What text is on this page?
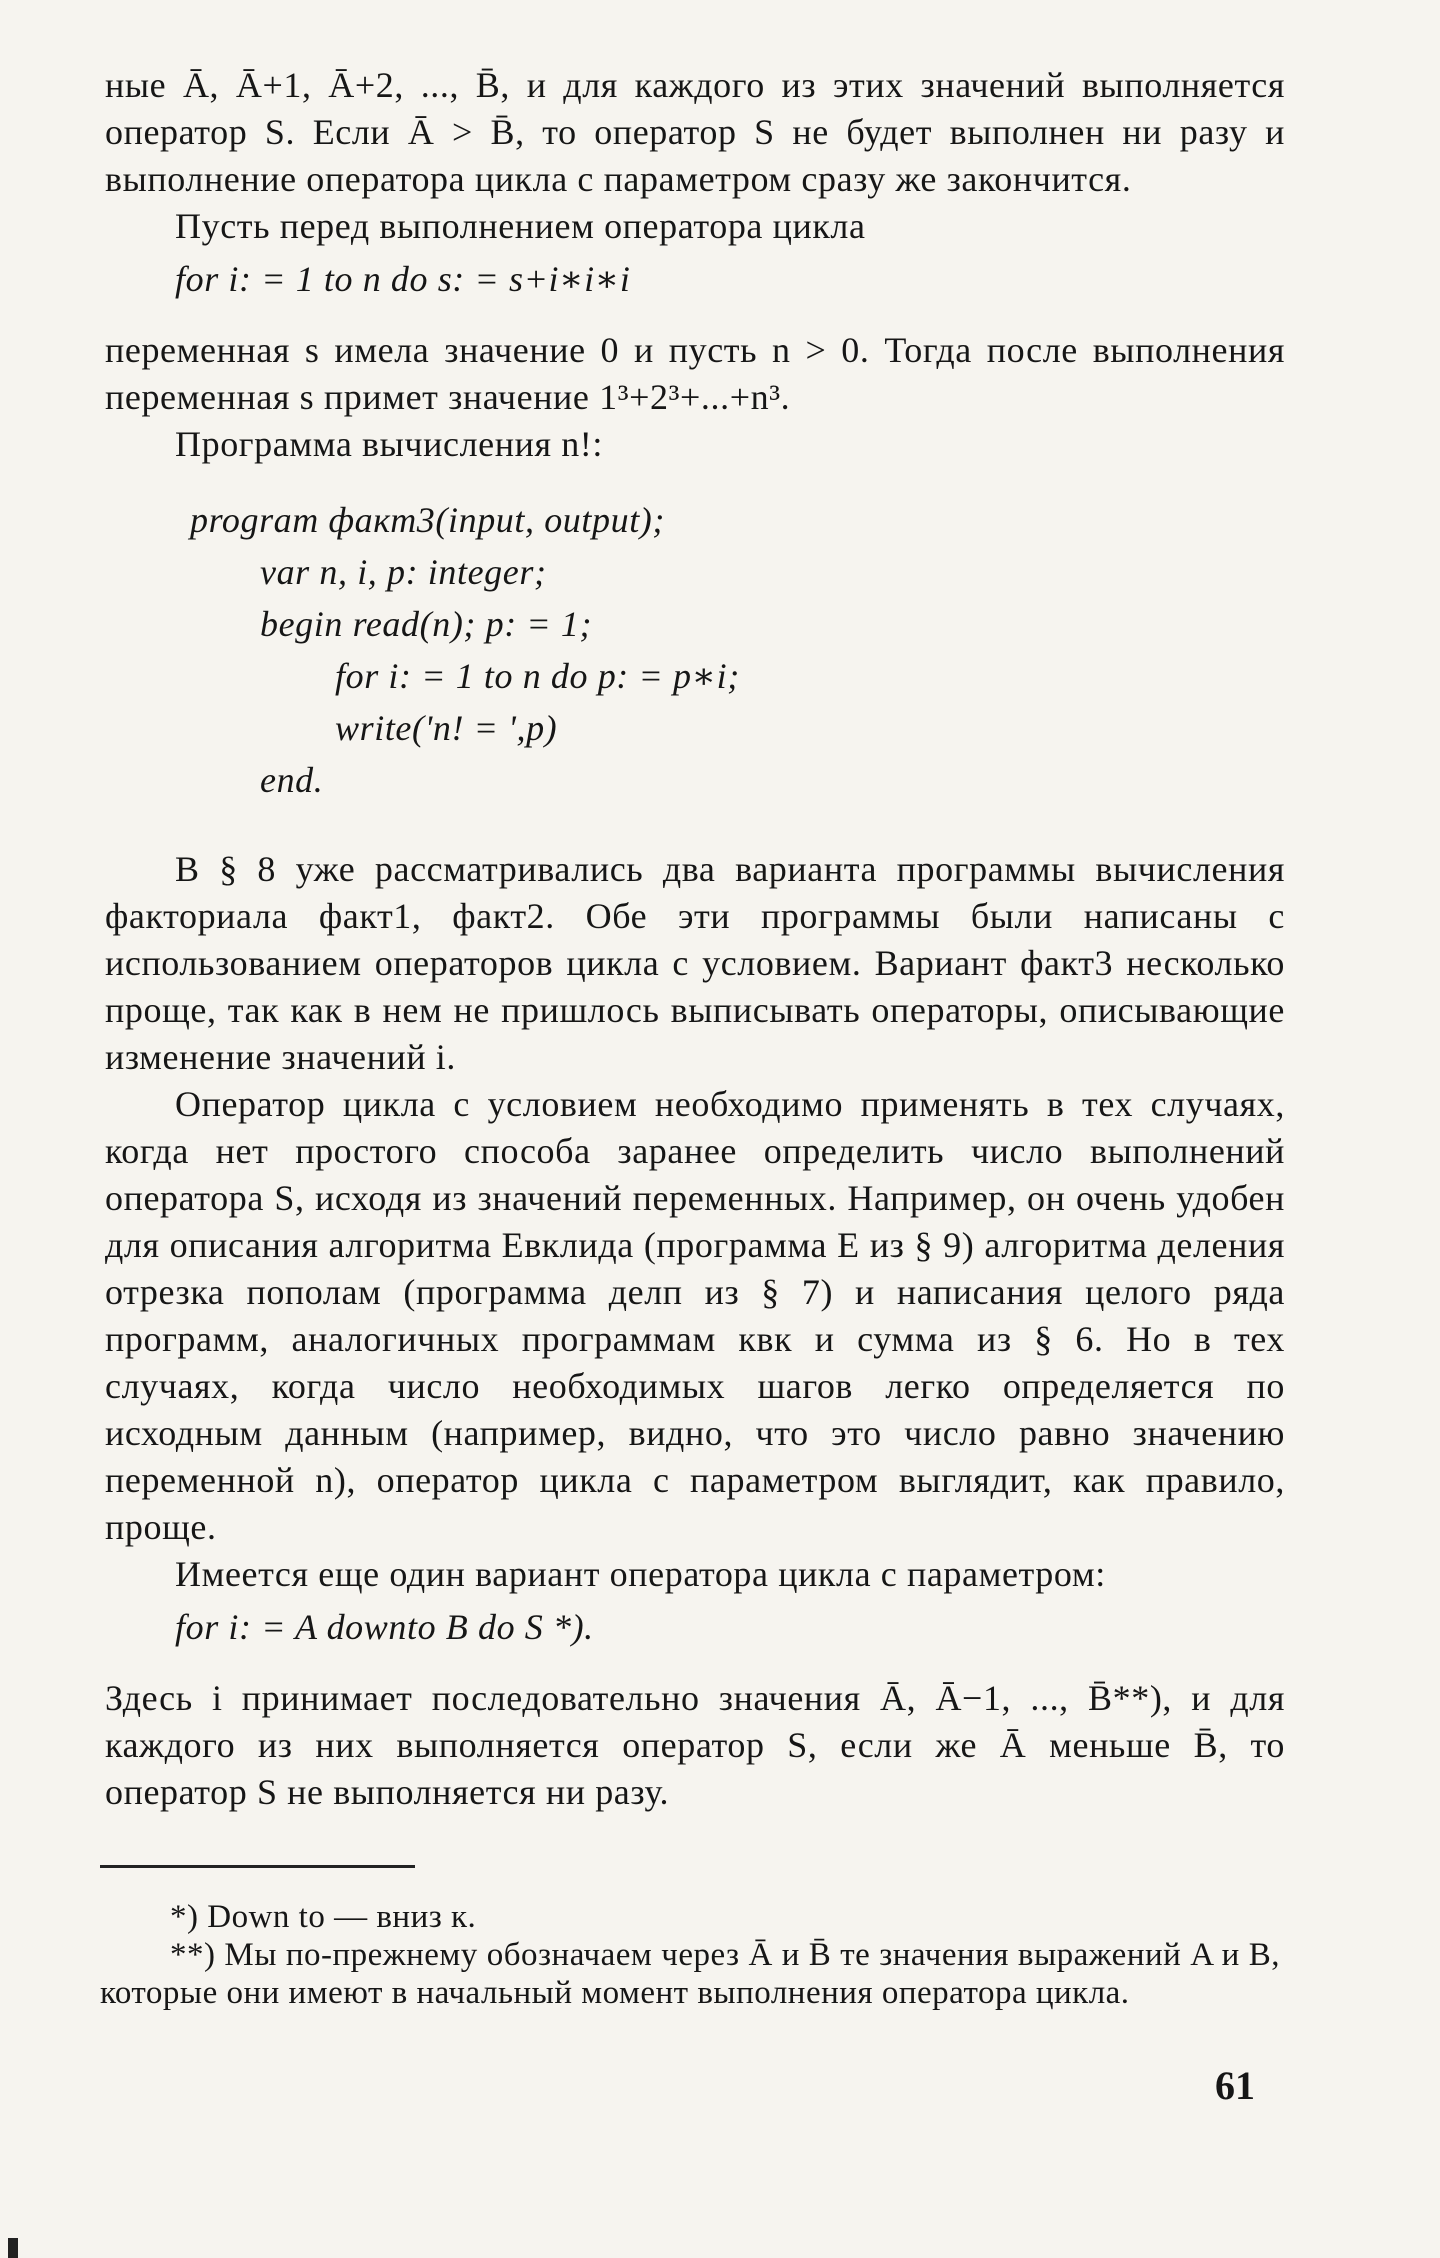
ные Ā, Ā+1, Ā+2, ..., B̄, и для каждого из этих значений выполняется оператор S. Если Ā > B̄, то оператор S не будет выполнен ни разу и выполнение оператора цикла с параметром сразу же закончится.

Пусть перед выполнением оператора цикла

for i: = 1 to n do s: = s+i∗i∗i

переменная s имела значение 0 и пусть n > 0. Тогда после выполнения переменная s примет значение 1³+2³+...+n³.

Программа вычисления n!:

program факт3(input, output);
var n, i, p: integer;
begin read(n); p: = 1;
for i: = 1 to n do p: = p∗i;
write('n! = ',p)
end.

В § 8 уже рассматривались два варианта программы вычисления факториала факт1, факт2. Обе эти программы были написаны с использованием операторов цикла с условием. Вариант факт3 несколько проще, так как в нем не пришлось выписывать операторы, описывающие изменение значений i.

Оператор цикла с условием необходимо применять в тех случаях, когда нет простого способа заранее определить число выполнений оператора S, исходя из значений переменных. Например, он очень удобен для описания алгоритма Евклида (программа E из § 9) алгоритма деления отрезка пополам (программа делп из § 7) и написания целого ряда программ, аналогичных программам квк и сумма из § 6. Но в тех случаях, когда число необходимых шагов легко определяется по исходным данным (например, видно, что это число равно значению переменной n), оператор цикла с параметром выглядит, как правило, проще.

Имеется еще один вариант оператора цикла с параметром:

for i: = A downto B do S *).

Здесь i принимает последовательно значения Ā, Ā−1, ..., B̄**), и для каждого из них выполняется оператор S, если же Ā меньше B̄, то оператор S не выполняется ни разу.

*) Down to — вниз к.

**) Мы по-прежнему обозначаем через Ā и B̄ те значения выражений A и B, которые они имеют в начальный момент выполнения оператора цикла.

61
